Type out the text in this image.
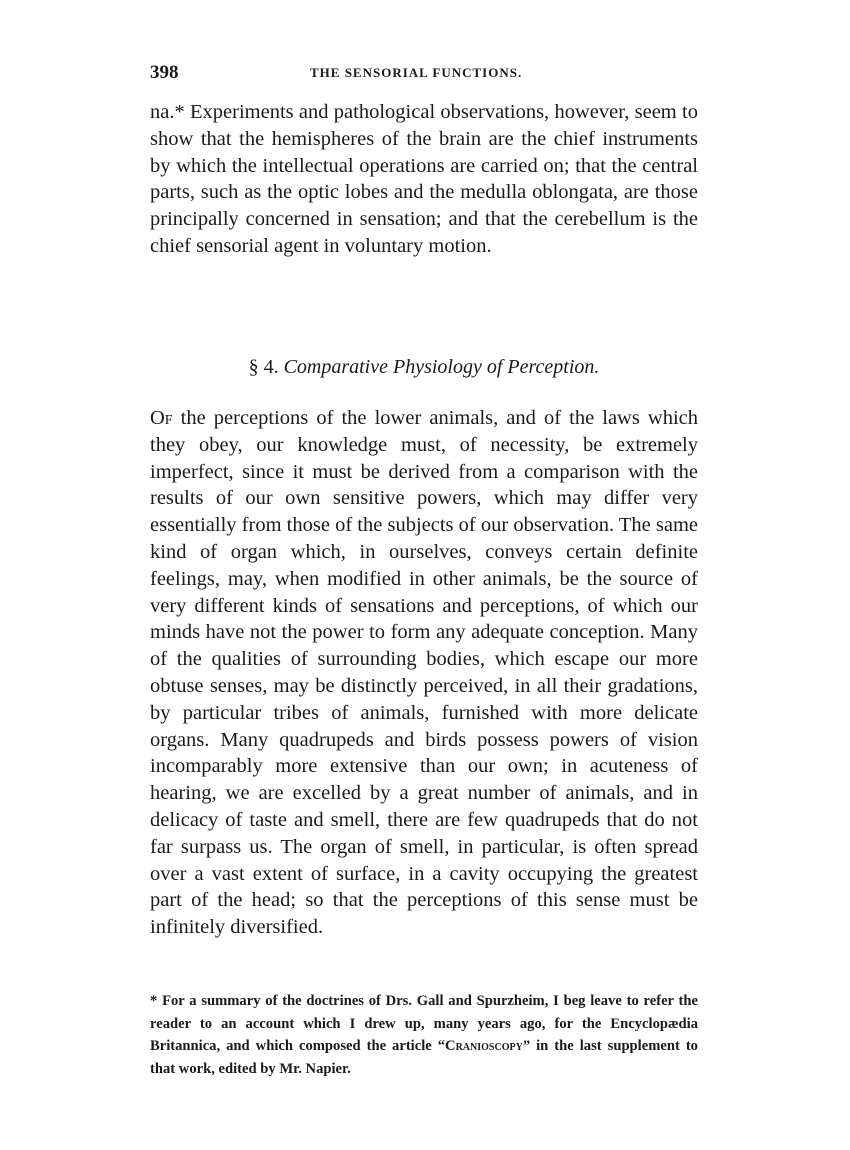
398	THE SENSORIAL FUNCTIONS.

na.* Experiments and pathological observations, however, seem to show that the hemispheres of the brain are the chief instruments by which the intellectual operations are carried on; that the central parts, such as the optic lobes and the medulla oblongata, are those principally concerned in sensation; and that the cerebellum is the chief sensorial agent in voluntary motion.

§ 4. Comparative Physiology of Perception.

Of the perceptions of the lower animals, and of the laws which they obey, our knowledge must, of necessity, be extremely imperfect, since it must be derived from a comparison with the results of our own sensitive powers, which may differ very essentially from those of the subjects of our observation. The same kind of organ which, in ourselves, conveys certain definite feelings, may, when modified in other animals, be the source of very different kinds of sensations and perceptions, of which our minds have not the power to form any adequate conception. Many of the qualities of surrounding bodies, which escape our more obtuse senses, may be distinctly perceived, in all their gradations, by particular tribes of animals, furnished with more delicate organs. Many quadrupeds and birds possess powers of vision incomparably more extensive than our own; in acuteness of hearing, we are excelled by a great number of animals, and in delicacy of taste and smell, there are few quadrupeds that do not far surpass us. The organ of smell, in particular, is often spread over a vast extent of surface, in a cavity occupying the greatest part of the head; so that the perceptions of this sense must be infinitely diversified.

* For a summary of the doctrines of Drs. Gall and Spurzheim, I beg leave to refer the reader to an account which I drew up, many years ago, for the Encyclopædia Britannica, and which composed the article “Cranioscopy” in the last supplement to that work, edited by Mr. Napier.
